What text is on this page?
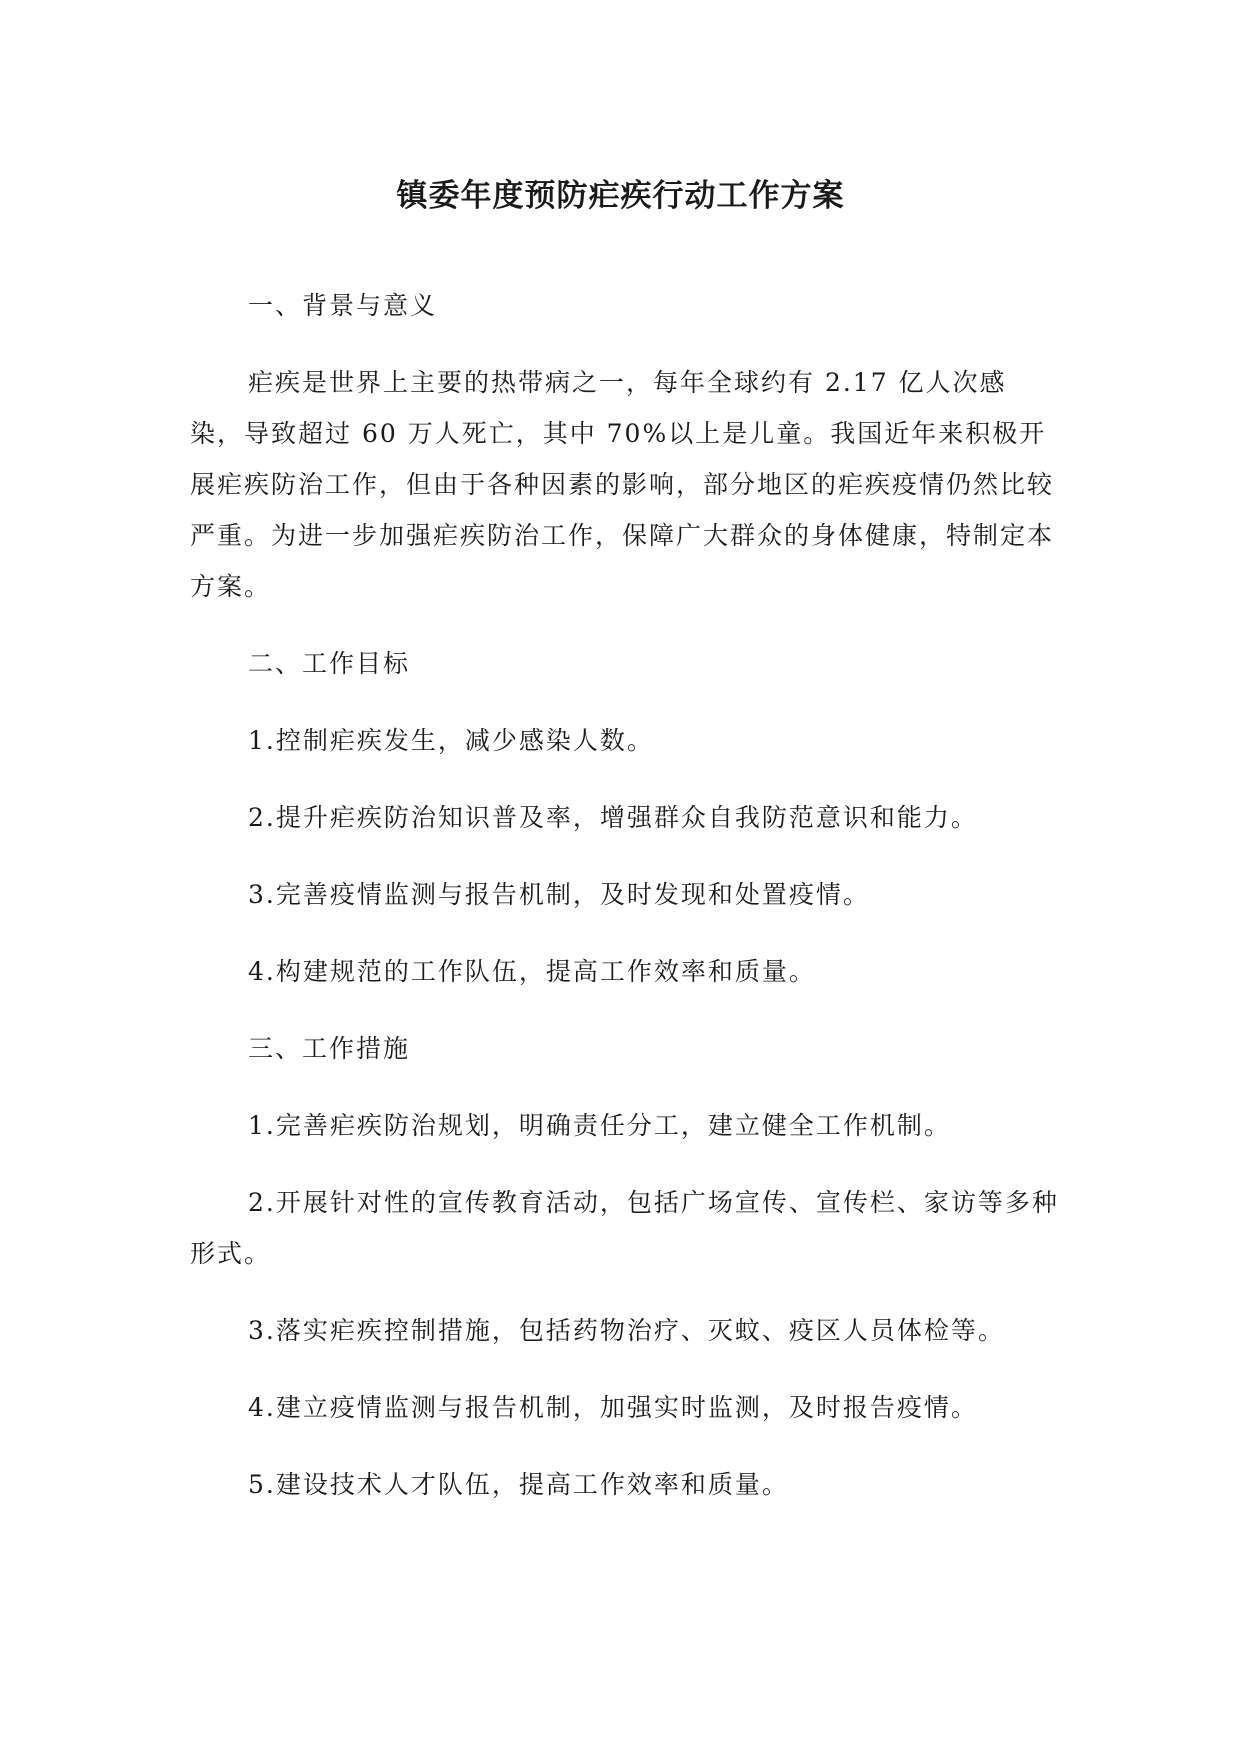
镇委年度预防疟疾行动工作方案

一、背景与意义

疟疾是世界上主要的热带病之一，每年全球约有 2.17 亿人次感染，导致超过 60 万人死亡，其中 70%以上是儿童。我国近年来积极开展疟疾防治工作，但由于各种因素的影响，部分地区的疟疾疫情仍然比较严重。为进一步加强疟疾防治工作，保障广大群众的身体健康，特制定本方案。

二、工作目标

1.控制疟疾发生，减少感染人数。

2.提升疟疾防治知识普及率，增强群众自我防范意识和能力。

3.完善疫情监测与报告机制，及时发现和处置疫情。

4.构建规范的工作队伍，提高工作效率和质量。

三、工作措施

1.完善疟疾防治规划，明确责任分工，建立健全工作机制。

2.开展针对性的宣传教育活动，包括广场宣传、宣传栏、家访等多种形式。

3.落实疟疾控制措施，包括药物治疗、灭蚊、疫区人员体检等。

4.建立疫情监测与报告机制，加强实时监测，及时报告疫情。

5.建设技术人才队伍，提高工作效率和质量。
